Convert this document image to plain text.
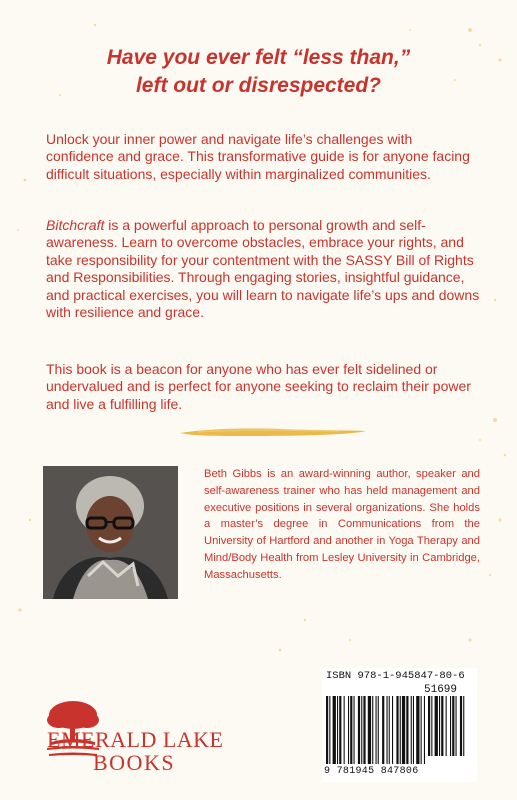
Have you ever felt “less than,”
left out or disrespected?

Unlock your inner power and navigate life’s challenges with confidence and grace. This transformative guide is for anyone facing difficult situations, especially within marginalized communities.

Bitchcraft is a powerful approach to personal growth and self-awareness. Learn to overcome obstacles, embrace your rights, and take responsibility for your contentment with the SASSY Bill of Rights and Responsibilities. Through engaging stories, insightful guidance, and practical exercises, you will learn to navigate life’s ups and downs with resilience and grace.

This book is a beacon for anyone who has ever felt sidelined or undervalued and is perfect for anyone seeking to reclaim their power and live a fulfilling life.

Beth Gibbs is an award-winning author, speaker and self-awareness trainer who has held management and executive positions in several organizations. She holds a master’s degree in Communications from the University of Hartford and another in Yoga Therapy and Mind/Body Health from Lesley University in Cambridge, Massachusetts.
EMERALD LAKE
BOOKS
ISBN 978-1-945847-80-6
51699
9 781945 847806
